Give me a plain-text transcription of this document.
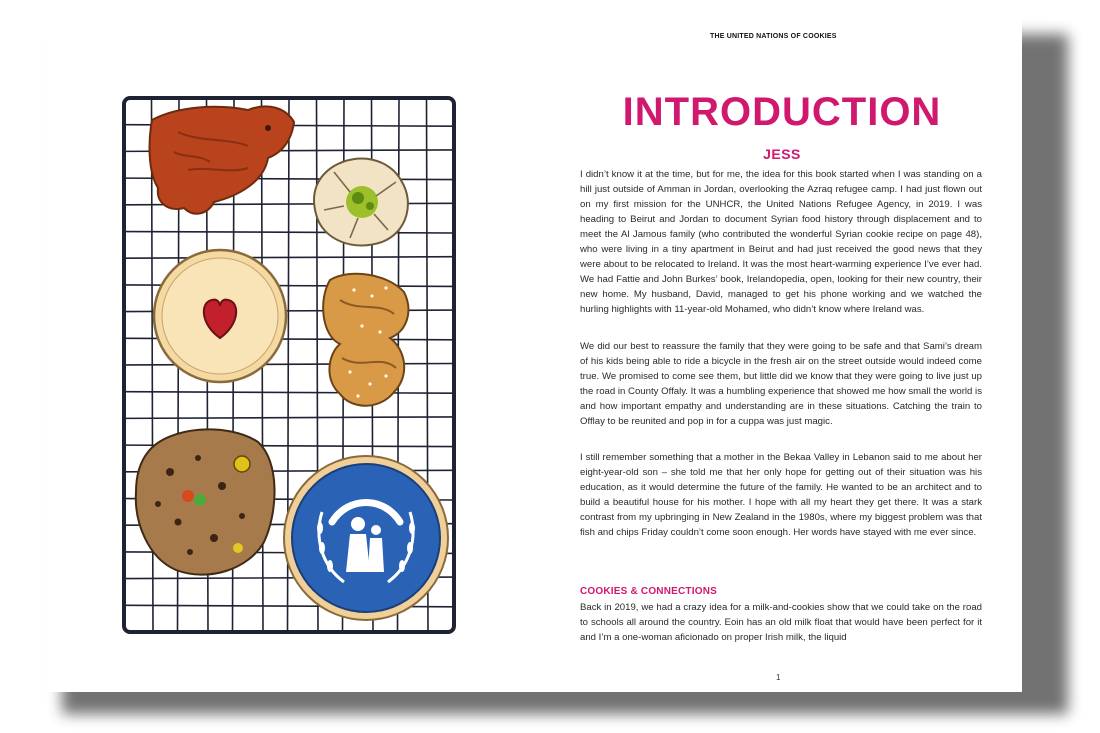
THE UNITED NATIONS OF COOKIES
INTRODUCTION
JESS

I didn’t know it at the time, but for me, the idea for this book started when I was standing on a hill just outside of Amman in Jordan, overlooking the Azraq refugee camp. I had just flown out on my first mission for the UNHCR, the United Nations Refugee Agency, in 2019. I was heading to Beirut and Jordan to document Syrian food history through displacement and to meet the Al Jamous family (who contributed the wonderful Syrian cookie recipe on page 48), who were living in a tiny apartment in Beirut and had just received the good news that they were about to be relocated to Ireland. It was the most heart-warming experience I’ve ever had. We had Fattie and John Burkes’ book, Irelandopedia, open, looking for their new country, their new home. My husband, David, managed to get his phone working and we watched the hurling highlights with 11-year-old Mohamed, who didn’t know where Ireland was.

We did our best to reassure the family that they were going to be safe and that Sami’s dream of his kids being able to ride a bicycle in the fresh air on the street outside would indeed come true. We promised to come see them, but little did we know that they were going to live just up the road in County Offaly. It was a humbling experience that showed me how small the world is and how important empathy and understanding are in these situations. Catching the train to Offlay to be reunited and pop in for a cuppa was just magic.

I still remember something that a mother in the Bekaa Valley in Lebanon said to me about her eight-year-old son – she told me that her only hope for getting out of their situation was his education, as it would determine the future of the family. He wanted to be an architect and to build a beautiful house for his mother. I hope with all my heart they get there. It was a stark contrast from my upbringing in New Zealand in the 1980s, where my biggest problem was that fish and chips Friday couldn’t come soon enough. Her words have stayed with me ever since.

COOKIES & CONNECTIONS

Back in 2019, we had a crazy idea for a milk-and-cookies show that we could take on the road to schools all around the country. Eoin has an old milk float that would have been perfect for it and I’m a one-woman aficionado on proper Irish milk, the liquid

1
